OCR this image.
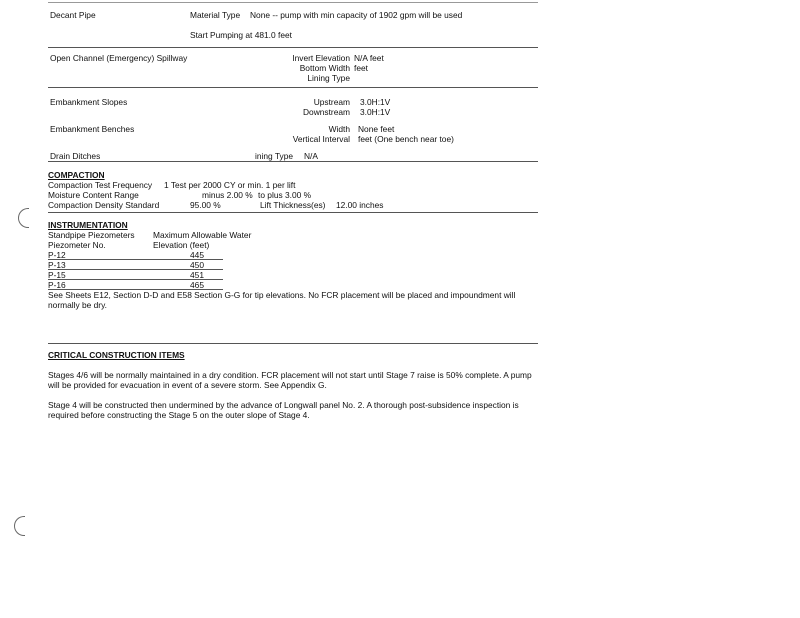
Decant Pipe	Material Type None -- pump with min capacity of 1902 gpm will be used
Start Pumping at 481.0 feet
Open Channel (Emergency) Spillway	Invert Elevation N/A feet
Bottom Width feet
Lining Type
Embankment Slopes	Upstream 3.0H:1V
Downstream 3.0H:1V
Embankment Benches	Width None feet
Vertical Interval feet (One bench near toe)
Drain Ditches	ining Type N/A
COMPACTION
Compaction Test Frequency 1 Test per 2000 CY or min. 1 per lift
Moisture Content Range	minus 2.00 % to plus 3.00 %
Compaction Density Standard	95.00 %	Lift Thickness(es) 12.00 inches
INSTRUMENTATION
Standpipe Piezometers Maximum Allowable Water
Piezometer No.	Elevation (feet)
P-12	445
P-13	450
P-15	451
P-16	465
See Sheets E12, Section D-D and E58 Section G-G for tip elevations. No FCR placement will be placed and impoundment will normally be dry.
CRITICAL CONSTRUCTION ITEMS
Stages 4/6 will be normally maintained in a dry condition. FCR placement will not start until Stage 7 raise is 50% complete. A pump will be provided for evacuation in event of a severe storm. See Appendix G.
Stage 4 will be constructed then undermined by the advance of Longwall panel No. 2. A thorough post-subsidence inspection is required before constructing the Stage 5 on the outer slope of Stage 4.
